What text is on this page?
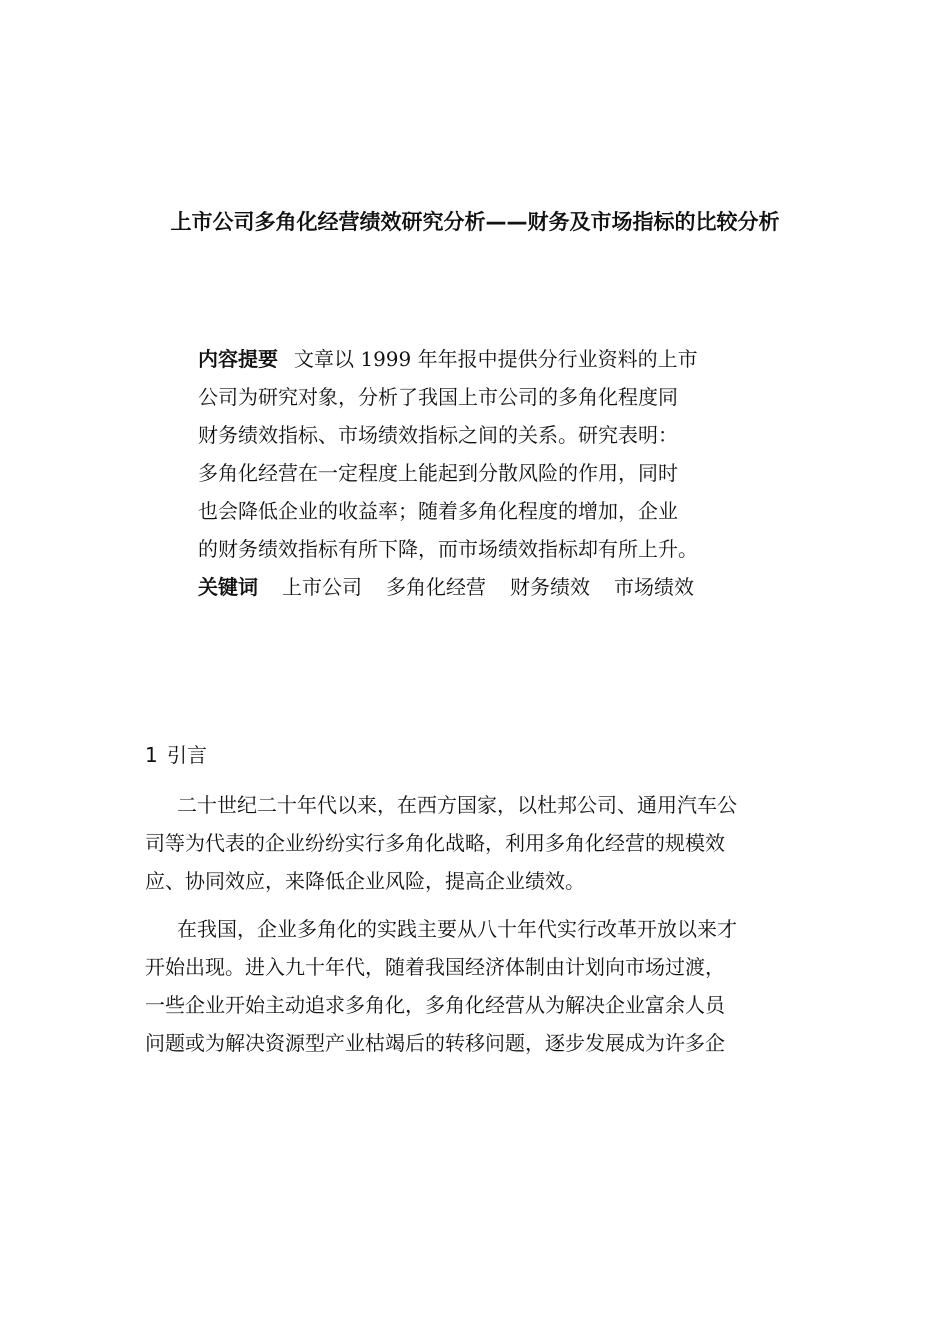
上市公司多角化经营绩效研究分析——财务及市场指标的比较分析
内容提要 文章以 1999 年年报中提供分行业资料的上市
公司为研究对象，分析了我国上市公司的多角化程度同
财务绩效指标、市场绩效指标之间的关系。研究表明：
多角化经营在一定程度上能起到分散风险的作用，同时
也会降低企业的收益率；随着多角化程度的增加，企业
的财务绩效指标有所下降，而市场绩效指标却有所上升。
关键词 上市公司 多角化经营 财务绩效 市场绩效
1 引言
二十世纪二十年代以来，在西方国家，以杜邦公司、通用汽车公
司等为代表的企业纷纷实行多角化战略，利用多角化经营的规模效
应、协同效应，来降低企业风险，提高企业绩效。
在我国，企业多角化的实践主要从八十年代实行改革开放以来才
开始出现。进入九十年代，随着我国经济体制由计划向市场过渡，
一些企业开始主动追求多角化，多角化经营从为解决企业富余人员
问题或为解决资源型产业枯竭后的转移问题，逐步发展成为许多企
